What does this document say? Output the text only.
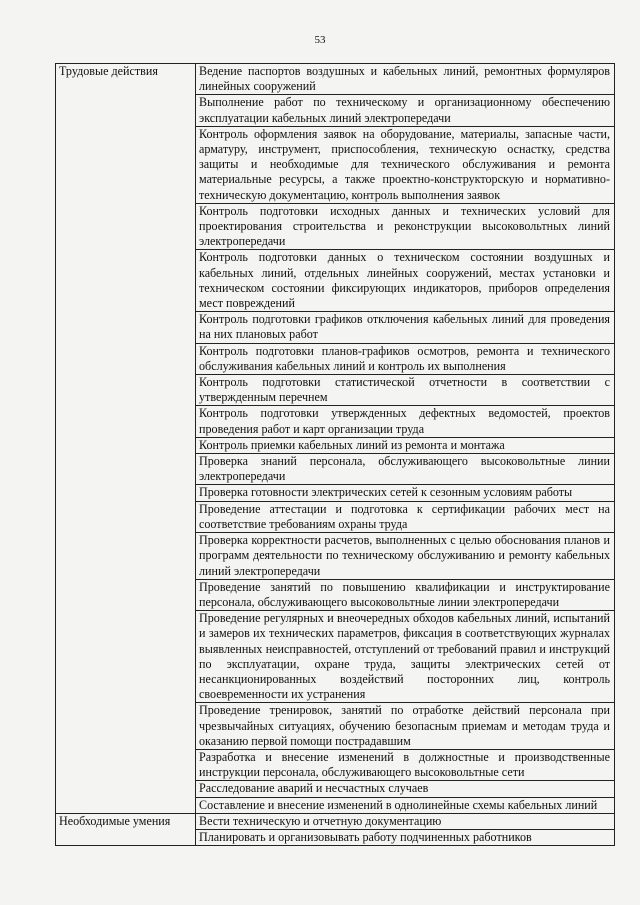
53
Трудовые действия	Ведение паспортов воздушных и кабельных линий, ремонтных формуляров линейных сооружений
	Выполнение работ по техническому и организационному обеспечению эксплуатации кабельных линий электропередачи
	Контроль оформления заявок на оборудование, материалы, запасные части, арматуру, инструмент, приспособления, техническую оснастку, средства защиты и необходимые для технического обслуживания и ремонта материальные ресурсы, а также проектно-конструкторскую и нормативно-техническую документацию, контроль выполнения заявок
	Контроль подготовки исходных данных и технических условий для проектирования строительства и реконструкции высоковольтных линий электропередачи
	Контроль подготовки данных о техническом состоянии воздушных и кабельных линий, отдельных линейных сооружений, местах установки и техническом состоянии фиксирующих индикаторов, приборов определения мест повреждений
	Контроль подготовки графиков отключения кабельных линий для проведения на них плановых работ
	Контроль подготовки планов-графиков осмотров, ремонта и технического обслуживания кабельных линий и контроль их выполнения
	Контроль подготовки статистической отчетности в соответствии с утвержденным перечнем
	Контроль подготовки утвержденных дефектных ведомостей, проектов проведения работ и карт организации труда
	Контроль приемки кабельных линий из ремонта и монтажа
	Проверка знаний персонала, обслуживающего высоковольтные линии электропередачи
	Проверка готовности электрических сетей к сезонным условиям работы
	Проведение аттестации и подготовка к сертификации рабочих мест на соответствие требованиям охраны труда
	Проверка корректности расчетов, выполненных с целью обоснования планов и программ деятельности по техническому обслуживанию и ремонту кабельных линий электропередачи
	Проведение занятий по повышению квалификации и инструктирование персонала, обслуживающего высоковольтные линии электропередачи
	Проведение регулярных и внеочередных обходов кабельных линий, испытаний и замеров их технических параметров, фиксация в соответствующих журналах выявленных неисправностей, отступлений от требований правил и инструкций по эксплуатации, охране труда, защиты электрических сетей от несанкционированных воздействий посторонних лиц, контроль своевременности их устранения
	Проведение тренировок, занятий по отработке действий персонала при чрезвычайных ситуациях, обучению безопасным приемам и методам труда и оказанию первой помощи пострадавшим
	Разработка и внесение изменений в должностные и производственные инструкции персонала, обслуживающего высоковольтные сети
	Расследование аварий и несчастных случаев
	Составление и внесение изменений в однолинейные схемы кабельных линий
Необходимые умения	Вести техническую и отчетную документацию
	Планировать и организовывать работу подчиненных работников
